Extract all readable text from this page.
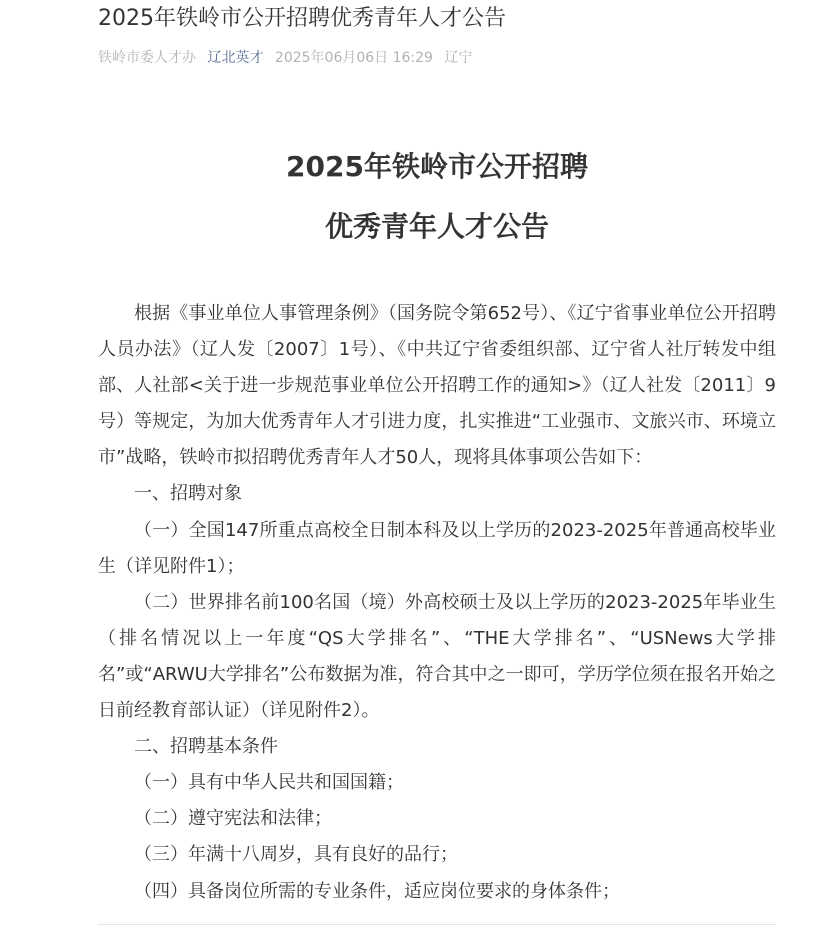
2025年铁岭市公开招聘优秀青年人才公告
铁岭市委人才办 辽北英才 2025年06月06日 16:29 辽宁
2025年铁岭市公开招聘
优秀青年人才公告

根据《事业单位人事管理条例》（国务院令第652号）、《辽宁省事业单位公开招聘人员办法》（辽人发〔2007〕1号）、《中共辽宁省委组织部、辽宁省人社厅转发中组部、人社部<关于进一步规范事业单位公开招聘工作的通知>》（辽人社发〔2011〕9号）等规定，为加大优秀青年人才引进力度，扎实推进“工业强市、文旅兴市、环境立市”战略，铁岭市拟招聘优秀青年人才50人，现将具体事项公告如下：

一、招聘对象

（一）全国147所重点高校全日制本科及以上学历的2023-2025年普通高校毕业生（详见附件1）；

（二）世界排名前100名国（境）外高校硕士及以上学历的2023-2025年毕业生（排名情况以上一年度“QS大学排名”、“THE大学排名”、“USNews大学排名”或“ARWU大学排名”公布数据为准，符合其中之一即可，学历学位须在报名开始之日前经教育部认证）（详见附件2）。

二、招聘基本条件

（一）具有中华人民共和国国籍；

（二）遵守宪法和法律；

（三）年满十八周岁，具有良好的品行；

（四）具备岗位所需的专业条件，适应岗位要求的身体条件；
